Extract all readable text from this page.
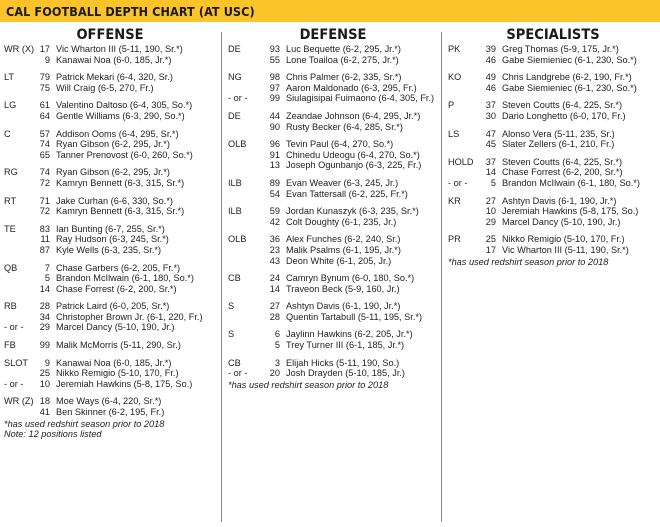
CAL FOOTBALL DEPTH CHART (AT USC)
OFFENSE
WR (X) 17 Vic Wharton III (5-11, 190, Sr.*)
9 Kanawai Noa (6-0, 185, Jr.*)
LT	79 Patrick Mekari (6-4, 320, Sr.)
75 Will Craig (6-5, 270, Fr.)
LG	61 Valentino Daltoso (6-4, 305, So.*)
64 Gentle Williams (6-3, 290, So.*)
C	57 Addison Ooms (6-4, 295, Sr.*)
74 Ryan Gibson (6-2, 295, Jr.*)
65 Tanner Prenovost (6-0, 260, So.*)
RG	74 Ryan Gibson (6-2, 295, Jr.*)
72 Kamryn Bennett (6-3, 315, Sr.*)
RT	71 Jake Curhan (6-6, 330, So.*)
72 Kamryn Bennett (6-3, 315, Sr.*)
TE	83 Ian Bunting (6-7, 255, Sr.*)
11 Ray Hudson (6-3, 245, Sr.*)
87 Kyle Wells (6-3, 235, Sr.*)
QB	7 Chase Garbers (6-2, 205, Fr.*)
5 Brandon McIlwain (6-1, 180, So.*)
14 Chase Forrest (6-2, 200, Sr.*)
RB	28 Patrick Laird (6-0, 205, Sr.*)
34 Christopher Brown Jr. (6-1, 220, Fr.)
- or -	29 Marcel Dancy (5-10, 190, Jr.)
FB	99 Malik McMorris (5-11, 290, Sr.)
SLOT	9 Kanawai Noa (6-0, 185, Jr.*)
25 Nikko Remigio (5-10, 170, Fr.)
- or -	10 Jeremiah Hawkins (5-8, 175, So.)
WR (Z) 18 Moe Ways (6-4, 220, Sr.*)
41 Ben Skinner (6-2, 195, Fr.)
*has used redshirt season prior to 2018
Note: 12 positions listed
DEFENSE
DE	93 Luc Bequette (6-2, 295, Jr.*)
55 Lone Toailoa (6-2, 275, Jr.*)
NG	98 Chris Palmer (6-2, 335, Sr.*)
97 Aaron Maldonado (6-3, 295, Fr.)
- or -	99 Siulagisipai Fuimaono (6-4, 305, Fr.)
DE	44 Zeandae Johnson (6-4, 295, Jr.*)
90 Rusty Becker (6-4, 285, Sr.*)
OLB	96 Tevin Paul (6-4, 270, So.*)
91 Chinedu Udeogu (6-4, 270, So.*)
13 Joseph Ogunbanjo (6-3, 225, Fr.)
ILB	89 Evan Weaver (6-3, 245, Jr.)
54 Evan Tattersall (6-2, 225, Fr.*)
ILB	59 Jordan Kunaszyk (6-3, 235, Sr.*)
42 Colt Doughty (6-1, 235, Jr.)
OLB	36 Alex Funches (6-2, 240, Sr.)
23 Malik Psalms (6-1, 195, Jr.*)
43 Deon White (6-1, 205, Jr.)
CB	24 Camryn Bynum (6-0, 180, So.*)
14 Traveon Beck (5-9, 160, Jr.)
S	27 Ashtyn Davis (6-1, 190, Jr.*)
28 Quentin Tartabull (5-11, 195, Sr.*)
S	6 Jaylinn Hawkins (6-2, 205, Jr.*)
5 Trey Turner III (6-1, 185, Jr.*)
CB	3 Elijah Hicks (5-11, 190, So.)
- or -	20 Josh Drayden (5-10, 185, Jr.)
*has used redshirt season prior to 2018
SPECIALISTS
PK	39 Greg Thomas (5-9, 175, Jr.*)
46 Gabe Siemieniec (6-1, 230, So.*)
KO	49 Chris Landgrebe (6-2, 190, Fr.*)
46 Gabe Siemieniec (6-1, 230, So.*)
P	37 Steven Coutts (6-4, 225, Sr.*)
30 Dario Longhetto (6-0, 170, Fr.)
LS	47 Alonso Vera (5-11, 235, Sr.)
45 Slater Zellers (6-1, 210, Fr.)
HOLD	37 Steven Coutts (6-4, 225, Sr.*)
14 Chase Forrest (6-2, 200, Sr.*)
- or -	5 Brandon McIlwain (6-1, 180, So.*)
KR	27 Ashtyn Davis (6-1, 190, Jr.*)
10 Jeremiah Hawkins (5-8, 175, So.)
29 Marcel Dancy (5-10, 190, Jr.)
PR	25 Nikko Remigio (5-10, 170, Fr.)
17 Vic Wharton III (5-11, 190, Sr.*)
*has used redshirt season prior to 2018
